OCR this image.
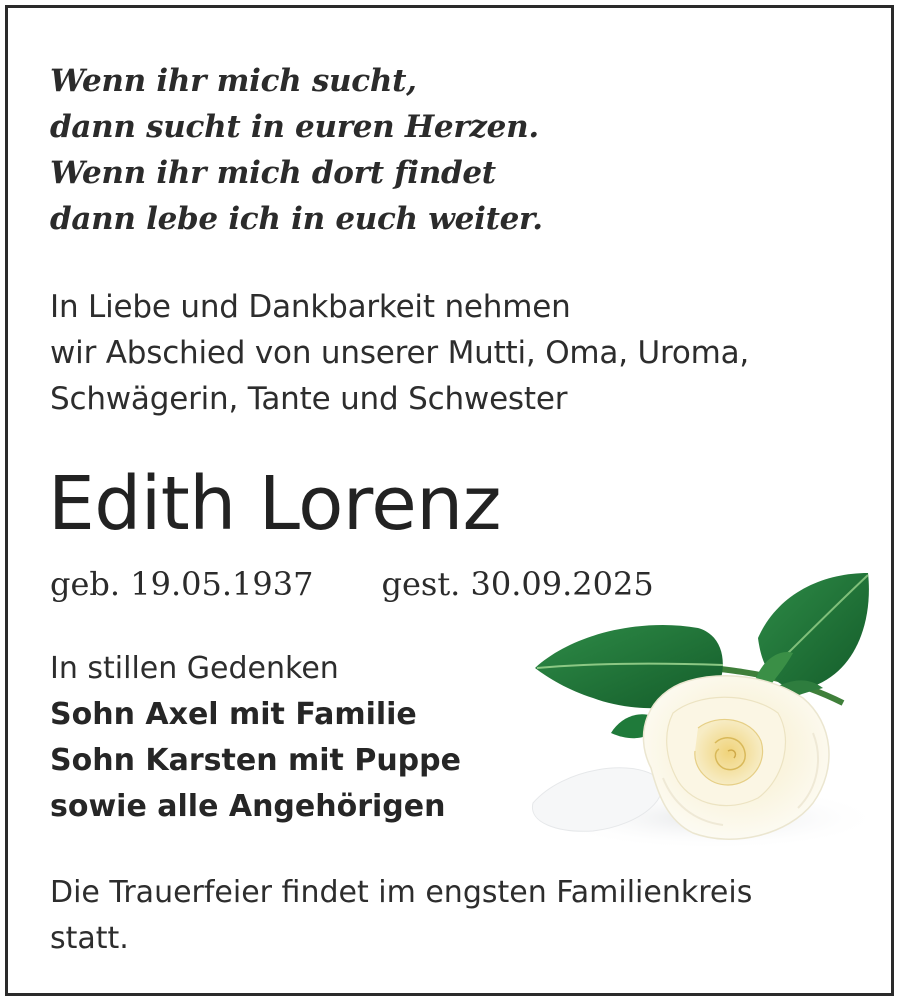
Wenn ihr mich sucht,
dann sucht in euren Herzen.
Wenn ihr mich dort findet
dann lebe ich in euch weiter.
In Liebe und Dankbarkeit nehmen
wir Abschied von unserer Mutti, Oma, Uroma,
Schwägerin, Tante und Schwester
Edith Lorenz
geb. 19.05.1937 gest. 30.09.2025
In stillen Gedenken
Sohn Axel mit Familie
Sohn Karsten mit Puppe
sowie alle Angehörigen
Die Trauerfeier findet im engsten Familienkreis
statt.
